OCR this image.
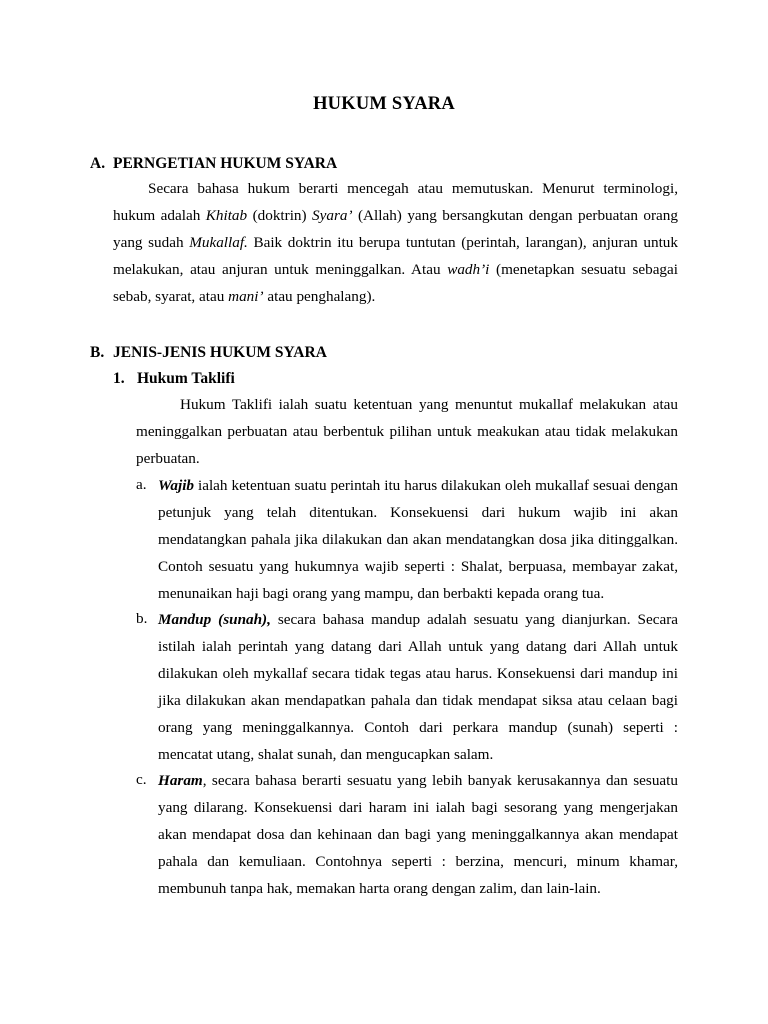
HUKUM SYARA
A. PERNGETIAN HUKUM SYARA

Secara bahasa hukum berarti mencegah atau memutuskan. Menurut terminologi, hukum adalah Khitab (doktrin) Syara’ (Allah) yang bersangkutan dengan perbuatan orang yang sudah Mukallaf. Baik doktrin itu berupa tuntutan (perintah, larangan), anjuran untuk melakukan, atau anjuran untuk meninggalkan. Atau wadh’i (menetapkan sesuatu sebagai sebab, syarat, atau mani’ atau penghalang).

B. JENIS-JENIS HUKUM SYARA
1. Hukum Taklifi

Hukum Taklifi ialah suatu ketentuan yang menuntut mukallaf melakukan atau meninggalkan perbuatan atau berbentuk pilihan untuk meakukan atau tidak melakukan perbuatan.

a. Wajib ialah ketentuan suatu perintah itu harus dilakukan oleh mukallaf sesuai dengan petunjuk yang telah ditentukan. Konsekuensi dari hukum wajib ini akan mendatangkan pahala jika dilakukan dan akan mendatangkan dosa jika ditinggalkan. Contoh sesuatu yang hukumnya wajib seperti : Shalat, berpuasa, membayar zakat, menunaikan haji bagi orang yang mampu, dan berbakti kepada orang tua.

b. Mandup (sunah), secara bahasa mandup adalah sesuatu yang dianjurkan. Secara istilah ialah perintah yang datang dari Allah untuk yang datang dari Allah untuk dilakukan oleh mykallaf secara tidak tegas atau harus. Konsekuensi dari mandup ini jika dilakukan akan mendapatkan pahala dan tidak mendapat siksa atau celaan bagi orang yang meninggalkannya. Contoh dari perkara mandup (sunah) seperti : mencatat utang, shalat sunah, dan mengucapkan salam.

c. Haram, secara bahasa berarti sesuatu yang lebih banyak kerusakannya dan sesuatu yang dilarang. Konsekuensi dari haram ini ialah bagi sesorang yang mengerjakan akan mendapat dosa dan kehinaan dan bagi yang meninggalkannya akan mendapat pahala dan kemuliaan. Contohnya seperti : berzina, mencuri, minum khamar, membunuh tanpa hak, memakan harta orang dengan zalim, dan lain-lain.
